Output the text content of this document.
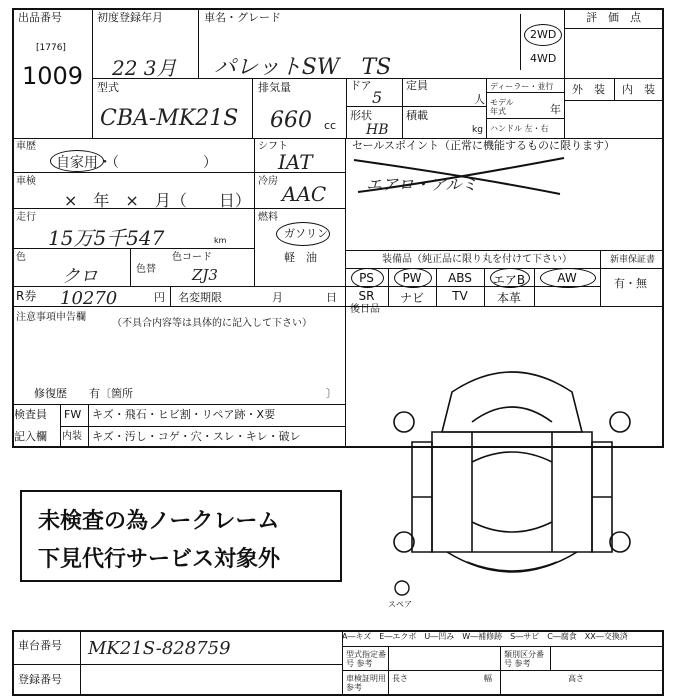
出品番号
[1776]
1009
初度登録年月
22 3月
車名・グレード
パレットSW　TS
2WD
4WD
評　価　点
型式
CBA-MK21S
排気量
660 cc
ドア
5
定員
人
形状
HB
積載
kg
ディーラー・並行
モデル 年式	年
ハンドル 左・右
外　装 内　装
車歴
自家用・（　　　　　　）
シフト
IAT
セールスポイント（正常に機能するものに限ります）
エアロ・アルミ
車検
×　年　×　月（　　日）
冷房
AAC
走行
15万5千547	km
燃料
ガソリン
軽　油
色
クロ	色替
色コード
ZJ3
装備品（純正品に限り丸を付けて下さい）	新車保証書
有・無
PS	PW	ABS	エアB	AW
SR	ナビ	TV	本革
R券 10270	円 名変期限	月	日
後日品
注意事項申告欄
（不具合内容等は具体的に記入して下さい）
修復歴　　有〔箇所	〕
検査員
記入欄
FW キズ・飛石・ヒビ割・リペア跡・X要
内装 キズ・汚し・コゲ・穴・スレ・キレ・破レ
未検査の為ノークレーム
下見代行サービス対象外
スペア
A―キズ　E―エクボ　U―凹み　W―補修跡　S―サビ　C―腐食　XX―交換済
車台番号 MK21S-828759
登録番号
型式指定番号 参考
類別区分番号 参考
車検証明用 参考
長さ	幅	高さ
